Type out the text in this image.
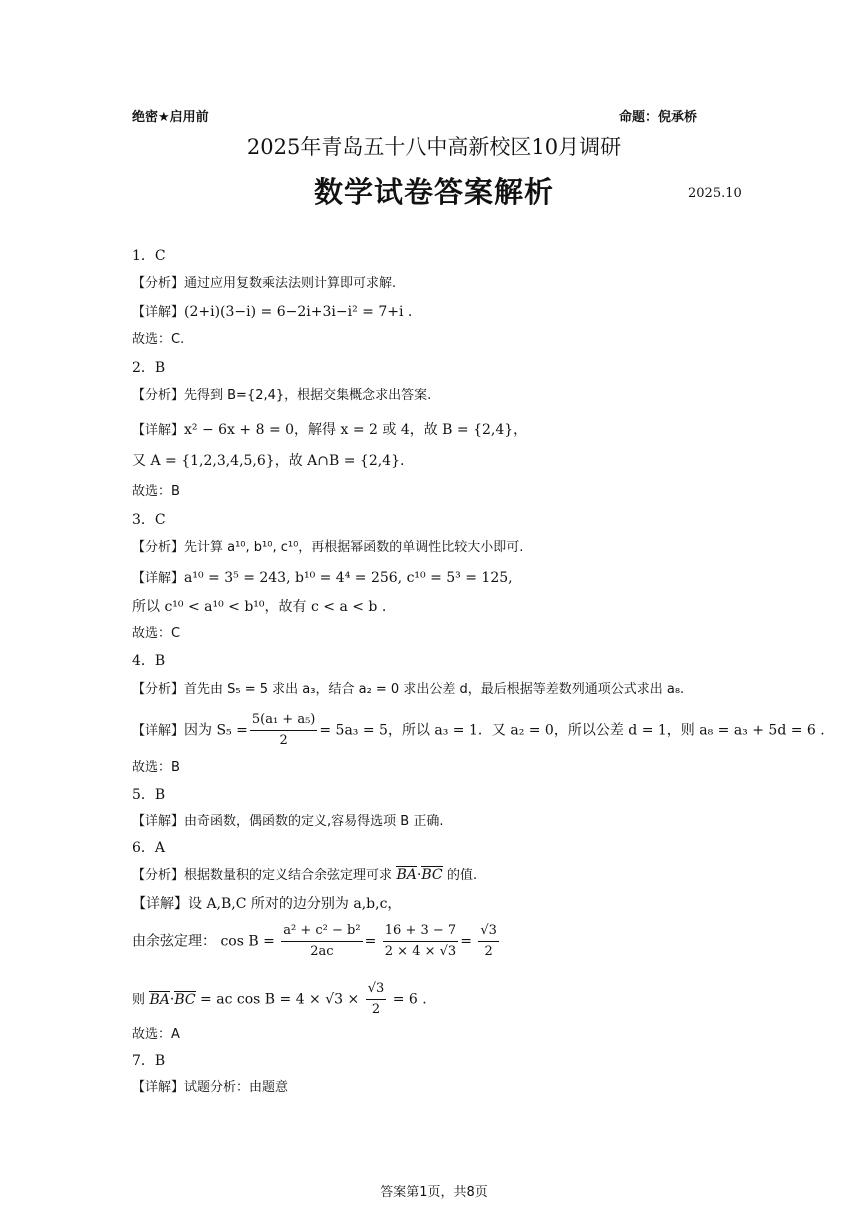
绝密★启用前	命题：倪承桥
2025年青岛五十八中高新校区10月调研
数学试卷答案解析	2025.10
1．C
【分析】通过应用复数乘法法则计算即可求解.
【详解】(2+i)(3−i) = 6−2i+3i−i² = 7+i .
故选：C.
2．B
【分析】先得到 B={2,4}，根据交集概念求出答案.
【详解】x² − 6x + 8 = 0，解得 x = 2 或 4，故 B = {2,4}，
又 A = {1,2,3,4,5,6}，故 A∩B = {2,4}.
故选：B
3．C
【分析】先计算 a¹⁰, b¹⁰, c¹⁰，再根据幂函数的单调性比较大小即可.
【详解】a¹⁰ = 3⁵ = 243, b¹⁰ = 4⁴ = 256, c¹⁰ = 5³ = 125,
所以 c¹⁰ < a¹⁰ < b¹⁰，故有 c < a < b .
故选：C
4．B
【分析】首先由 S₅ = 5 求出 a₃，结合 a₂ = 0 求出公差 d，最后根据等差数列通项公式求出 a₈.
【详解】因为 $S_5 = \frac{\text{5(a₁ + a₅)}}{2} = 5a_3 = 5$，所以 a₃ = 1．又 a₂ = 0，所以公差 d = 1，则 a₈ = a₃ + 5d = 6 .
故选：B
5．B
【详解】由奇函数，偶函数的定义,容易得选项 B 正确.
6．A
【分析】根据数量积的定义结合余弦定理可求 BA·BC 的值.
【详解】设 A,B,C 所对的边分别为 a,b,c，
由余弦定理： $\cos B = \frac{\text{a² + c² − b²}}{2ac} = \frac{16 + 3 - 7}{2 \times 4 \times √3} = \frac{√3}{2}$
则 BA·BC = ac $\cos B = 4 \times √3 \times \frac{√3}{2} = 6$ .
故选：A
7．B
【详解】试题分析：由题意
答案第1页，共8页
